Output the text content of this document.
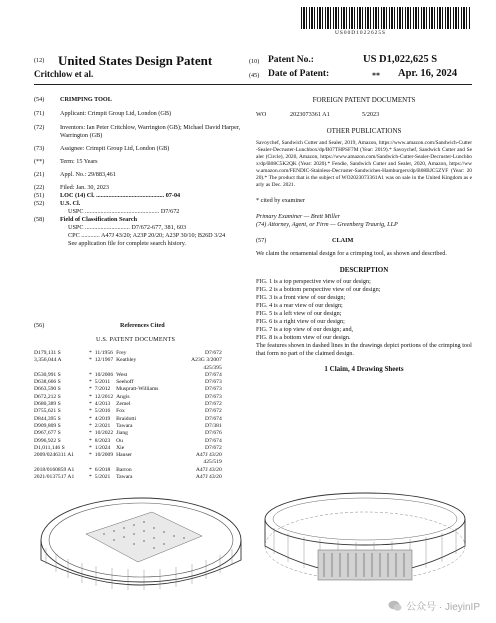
US00D1022625S
(12) United States Design Patent
Critchlow et al.
(10) Patent No.:	US D1,022,625 S
(45) Date of Patent:	** Apr. 16, 2024
(54)	CRIMPING TOOL
(71)	Applicant: Crimpit Group Ltd, London (GB)
(72)	Inventors: Ian Peter Critchlow, Warrington (GB); Michael David Harper, Warrington (GB)
(73)	Assignee: Crimpit Group Ltd, London (GB)
(**)	Term: 15 Years
(21)	Appl. No.: 29/883,461
(22)	Filed: Jan. 30, 2023
(51)	LOC (14) Cl. ............................................ 07-04
(52)	U.S. Cl.
USPC ................................................ D7/672
(58)	Field of Classification Search
USPC ............................. D7/672-677, 381, 603
CPC ............ A47J 43/20; A23P 20/20; A23P 30/10; B26D 3/24
See application file for complete search history.
(56)	References Cited
U.S. PATENT DOCUMENTS
D179,131 S	*	11/1956	Frey	D7/672
3,356,044 A	*	12/1967	Keathley	A23G 3/2007
				425/395
D530,991 S	*	10/2006	West	D7/674
D638,666 S	*	5/2011	Seehoff	D7/673
D663,590 S	*	7/2012	Muspratt-Williams	D7/673
D672,212 S	*	12/2012	Angis	D7/673
D680,389 S	*	4/2013	Zemel	D7/672
D755,621 S	*	5/2016	Fox	D7/672
D844,395 S	*	4/2019	Braidotti	D7/674
D909,809 S	*	2/2021	Tawara	D7/381
D967,677 S	*	10/2022	Jiang	D7/676
D996,922 S	*	8/2023	Ou	D7/674
D1,011,146 S	*	1/2024	Xie	D7/672
2009/0246311 A1	*	10/2009	Hauser	A47J 43/20
				425/519
2018/0160859 A1	*	6/2018	Barron	A47J 43/20
2021/0137517 A1	*	5/2021	Tawara	A47J 43/20
FOREIGN PATENT DOCUMENTS
WO	2023073361 A1	5/2023
OTHER PUBLICATIONS
Savoychef, Sandwich Cutter and Sealer, 2019, Amazon, https://www.amazon.com/Sandwich-Cutter-Sealer-Decruster-Lunchbox/dp/B07THPSF7M (Year: 2019).* Savoychef, Sandwich Cutter and Sealer (Circle), 2020, Amazon, https://www.amazon.com/Sandwich-Cutter-Sealer-Decruster-Lunchbox/dp/B08C5K2QK (Year: 2020).* Fendie, Sandwich Cutter and Sealer, 2020, Amazon, https://www.amazon.com/FENDIC-Stainless-Decruster-Sandwiches-Hamburgers/dp/B08BJC5ZYF (Year: 2020).* The product that is the subject of WO2023073361A1 was on sale in the United Kingdom as early as Dec. 2021.
* cited by examiner
Primary Examiner — Brett Miller
(74) Attorney, Agent, or Firm — Greenberg Traurig, LLP
(57)	CLAIM
We claim the ornamental design for a crimping tool, as shown and described.
DESCRIPTION
FIG. 1 is a top perspective view of our design;
FIG. 2 is a bottom perspective view of our design;
FIG. 3 is a front view of our design;
FIG. 4 is a rear view of our design;
FIG. 5 is a left view of our design;
FIG. 6 is a right view of our design;
FIG. 7 is a top view of our design; and,
FIG. 8 is a bottom view of our design.
The features shown in dashed lines in the drawings depict portions of the crimping tool that form no part of the claimed design.
1 Claim, 4 Drawing Sheets
公众号 · JieyinIP
